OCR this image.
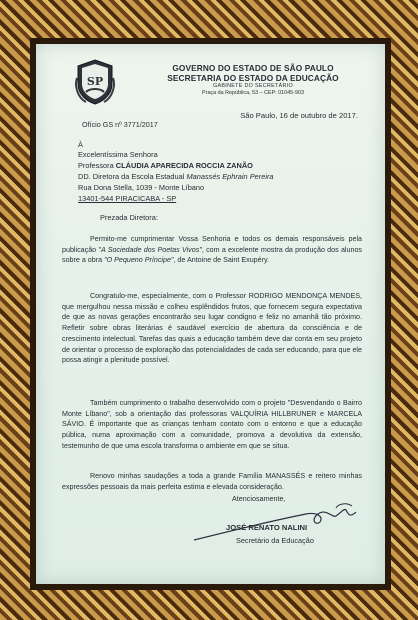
SP
GOVERNO DO ESTADO DE SÃO PAULO
SECRETARIA DO ESTADO DA EDUCAÇÃO
GABINETE DO SECRETÁRIO
Praça da República, 53 – CEP: 01045-903
São Paulo, 16 de outubro de 2017.
Ofício GS nº 3771/2017
À
Excelentíssima Senhora
Professora CLÁUDIA APARECIDA ROCCIA ZANÃO
DD. Diretora da Escola Estadual Manassés Ephrain Pereira
Rua Dona Stella, 1039 - Monte Líbano
13401-544 PIRACICABA - SP
Prezada Diretora:

Permito-me cumprimentar Vossa Senhoria e todos os demais responsáveis pela publicação "A Sociedade dos Poetas Vivos", com a excelente mostra da produção dos alunos sobre a obra "O Pequeno Príncipe", de Antoine de Saint Exupéry.

Congratulo-me, especialmente, com o Professor RODRIGO MENDONÇA MENDES, que mergulhou nessa missão e colheu esplêndidos frutos, que fornecem segura expectativa de que as novas gerações encontrarão seu lugar condigno e feliz no amanhã tão próximo. Refletir sobre obras literárias é saudável exercício de abertura da consciência e de crescimento intelectual. Tarefas das quais a educação também deve dar conta em seu projeto de orientar o processo de exploração das potencialidades de cada ser educando, para que ele possa atingir a plenitude possível.

Também cumprimento o trabalho desenvolvido com o projeto "Desvendando o Bairro Monte Líbano", sob a orientação das professoras VALQUÍRIA HILLBRUNER e MARCELA SÁVIO. É importante que as crianças tenham contato com o entorno e que a educação pública, numa aproximação com a comunidade, promova a devolutiva da extensão, testemunho de que uma escola transforma o ambiente em que se situa.

Renovo minhas saudações a toda a grande Família MANASSÉS e reitero minhas expressões pessoais da mais perfeita estima e elevada consideração.

Atenciosamente,
JOSÉ RENATO NALINI
Secretário da Educação
